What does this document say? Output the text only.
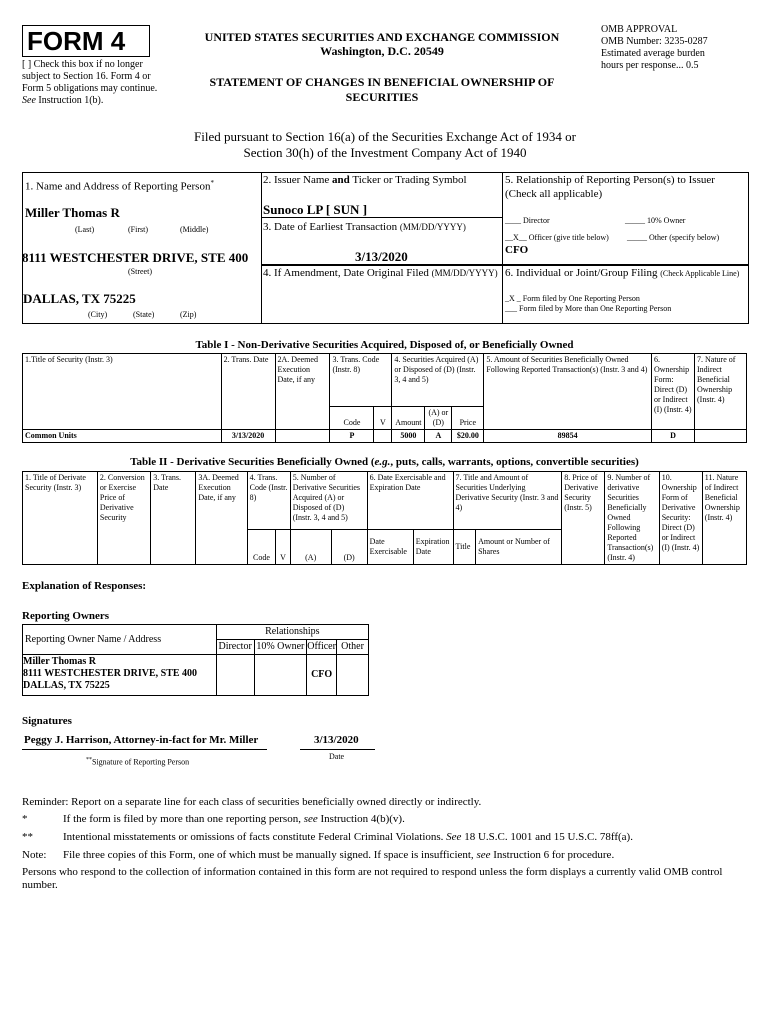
FORM 4
[ ] Check this box if no longer subject to Section 16. Form 4 or Form 5 obligations may continue. See Instruction 1(b).
UNITED STATES SECURITIES AND EXCHANGE COMMISSION
Washington, D.C. 20549
STATEMENT OF CHANGES IN BENEFICIAL OWNERSHIP OF
SECURITIES
OMB APPROVAL
OMB Number: 3235-0287
Estimated average burden
hours per response... 0.5
Filed pursuant to Section 16(a) of the Securities Exchange Act of 1934 or
Section 30(h) of the Investment Company Act of 1940
1. Name and Address of Reporting Person*
Miller Thomas R
(Last)	(First)	(Middle)
8111 WESTCHESTER DRIVE, STE 400
(Street)
DALLAS, TX 75225
(City)	(State)	(Zip)
2. Issuer Name and Ticker or Trading Symbol
Sunoco LP [ SUN ]
3. Date of Earliest Transaction (MM/DD/YYYY)
3/13/2020
4. If Amendment, Date Original Filed (MM/DD/YYYY)
5. Relationship of Reporting Person(s) to Issuer
(Check all applicable)
____ Director	_____ 10% Owner
__X__ Officer (give title below) _____ Other (specify below)
CFO
6. Individual or Joint/Group Filing (Check Applicable Line)
_X _ Form filed by One Reporting Person
___ Form filed by More than One Reporting Person
Table I - Non-Derivative Securities Acquired, Disposed of, or Beneficially Owned
1.Title of Security (Instr. 3)	2. Trans. Date	2A. Deemed Execution Date, if any	3. Trans. Code (Instr. 8)		4. Securities Acquired (A) or Disposed of (D) (Instr. 3, 4 and 5)			5. Amount of Securities Beneficially Owned Following Reported Transaction(s) (Instr. 3 and 4)	6. Ownership Form: Direct (D) or Indirect (I) (Instr. 4)	7. Nature of Indirect Beneficial Ownership (Instr. 4)
			Code	V	Amount	(A) or (D)	Price			
Common Units	3/13/2020		P		5000	A	$20.00	89854	D	
Table II - Derivative Securities Beneficially Owned (e.g., puts, calls, warrants, options, convertible securities)
1. Title of Derivate Security (Instr. 3)	2. Conversion or Exercise Price of Derivative Security	3. Trans. Date	3A. Deemed Execution Date, if any	4. Trans. Code (Instr. 8)		5. Number of Derivative Securities Acquired (A) or Disposed of (D) (Instr. 3, 4 and 5)		6. Date Exercisable and Expiration Date		7. Title and Amount of Securities Underlying Derivative Security (Instr. 3 and 4)		8. Price of Derivative Security (Instr. 5)	9. Number of derivative Securities Beneficially Owned Following Reported Transaction(s) (Instr. 4)	10. Ownership Form of Derivative Security: Direct (D) or Indirect (I) (Instr. 4)	11. Nature of Indirect Beneficial Ownership (Instr. 4)
				Code	V	(A)	(D)	Date Exercisable	Expiration Date	Title	Amount or Number of Shares				
Explanation of Responses:
Reporting Owners
Reporting Owner Name / Address	Relationships			
	Director	10% Owner	Officer	Other

Miller Thomas R
8111 WESTCHESTER DRIVE, STE 400
DALLAS, TX 75225			CFO	
Signatures
Peggy J. Harrison, Attorney-in-fact for Mr. Miller	3/13/2020
**Signature of Reporting Person
Date
Reminder: Report on a separate line for each class of securities beneficially owned directly or indirectly.
*	If the form is filed by more than one reporting person, see Instruction 4(b)(v).
**	Intentional misstatements or omissions of facts constitute Federal Criminal Violations. See 18 U.S.C. 1001 and 15 U.S.C. 78ff(a).
Note: File three copies of this Form, one of which must be manually signed. If space is insufficient, see Instruction 6 for procedure.
Persons who respond to the collection of information contained in this form are not required to respond unless the form displays a currently valid OMB control number.
